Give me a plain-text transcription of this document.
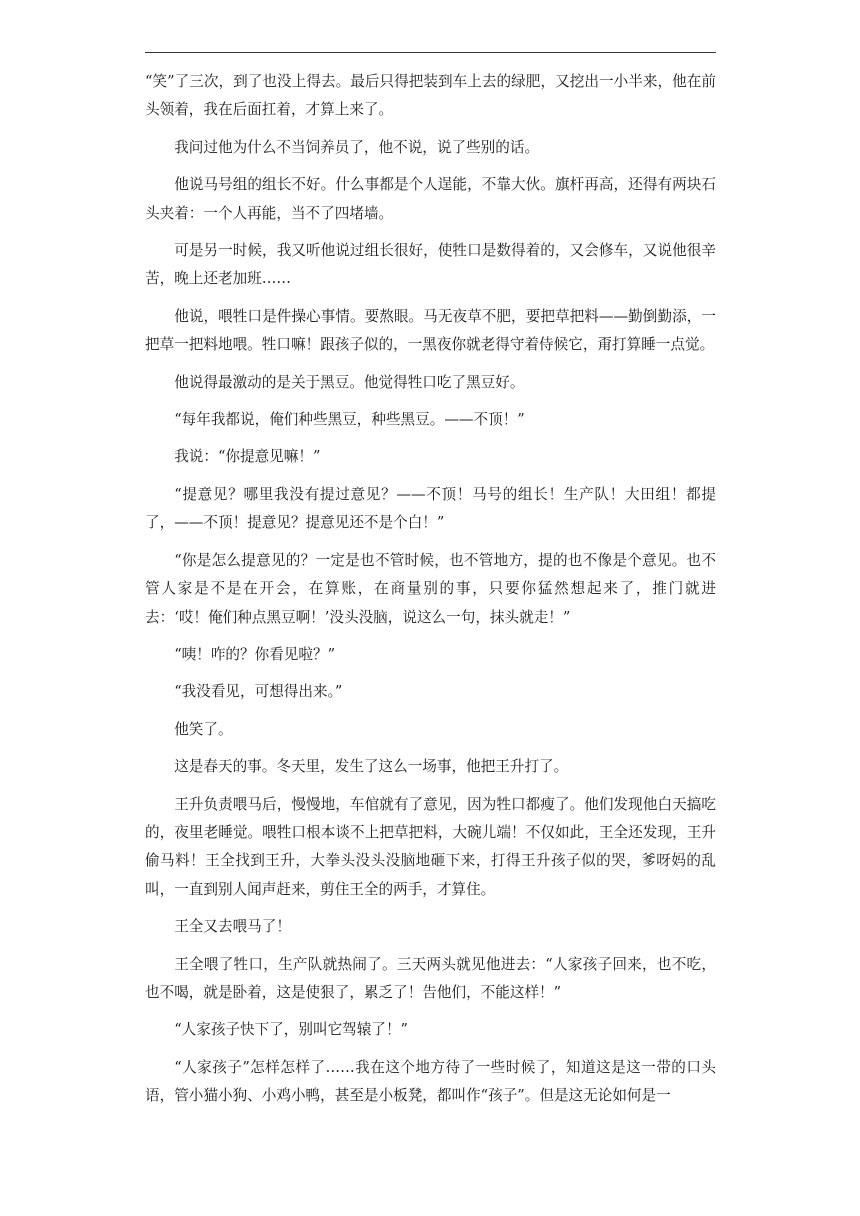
“笑”了三次，到了也没上得去。最后只得把装到车上去的绿肥，又挖出一小半来，他在前头领着，我在后面扛着，才算上来了。

我问过他为什么不当饲养员了，他不说，说了些别的话。

他说马号组的组长不好。什么事都是个人逞能，不靠大伙。旗杆再高，还得有两块石头夹着：一个人再能，当不了四堵墙。

可是另一时候，我又听他说过组长很好，使牲口是数得着的，又会修车，又说他很辛苦，晚上还老加班……

他说，喂牲口是件操心事情。要熬眼。马无夜草不肥，要把草把料——勤倒勤添，一把草一把料地喂。牲口嘛！跟孩子似的，一黑夜你就老得守着侍候它，甭打算睡一点觉。

他说得最激动的是关于黑豆。他觉得牲口吃了黑豆好。

“每年我都说，俺们种些黑豆，种些黑豆。——不顶！”

我说：“你提意见嘛！”

“提意见？哪里我没有提过意见？——不顶！马号的组长！生产队！大田组！都提了，——不顶！提意见？提意见还不是个白！”

“你是怎么提意见的？一定是也不管时候，也不管地方，提的也不像是个意见。也不管人家是不是在开会，在算账，在商量别的事，只要你猛然想起来了，推门就进去：‘哎！俺们种点黑豆啊！’没头没脑，说这么一句，抹头就走！”

“咦！咋的？你看见啦？”

“我没看见，可想得出来。”

他笑了。

这是春天的事。冬天里，发生了这么一场事，他把王升打了。

王升负责喂马后，慢慢地，车倌就有了意见，因为牲口都瘦了。他们发现他白天搞吃的，夜里老睡觉。喂牲口根本谈不上把草把料，大碗儿端！不仅如此，王全还发现，王升偷马料！王全找到王升，大拳头没头没脑地砸下来，打得王升孩子似的哭，爹呀妈的乱叫，一直到别人闻声赶来，剪住王全的两手，才算住。

王全又去喂马了！

王全喂了牲口，生产队就热闹了。三天两头就见他进去：“人家孩子回来，也不吃，也不喝，就是卧着，这是使狠了，累乏了！告他们，不能这样！”

“人家孩子快下了，别叫它驾辕了！”

“人家孩子”怎样怎样了……我在这个地方待了一些时候了，知道这是这一带的口头语，管小猫小狗、小鸡小鸭，甚至是小板凳，都叫作“孩子”。但是这无论如何是一
